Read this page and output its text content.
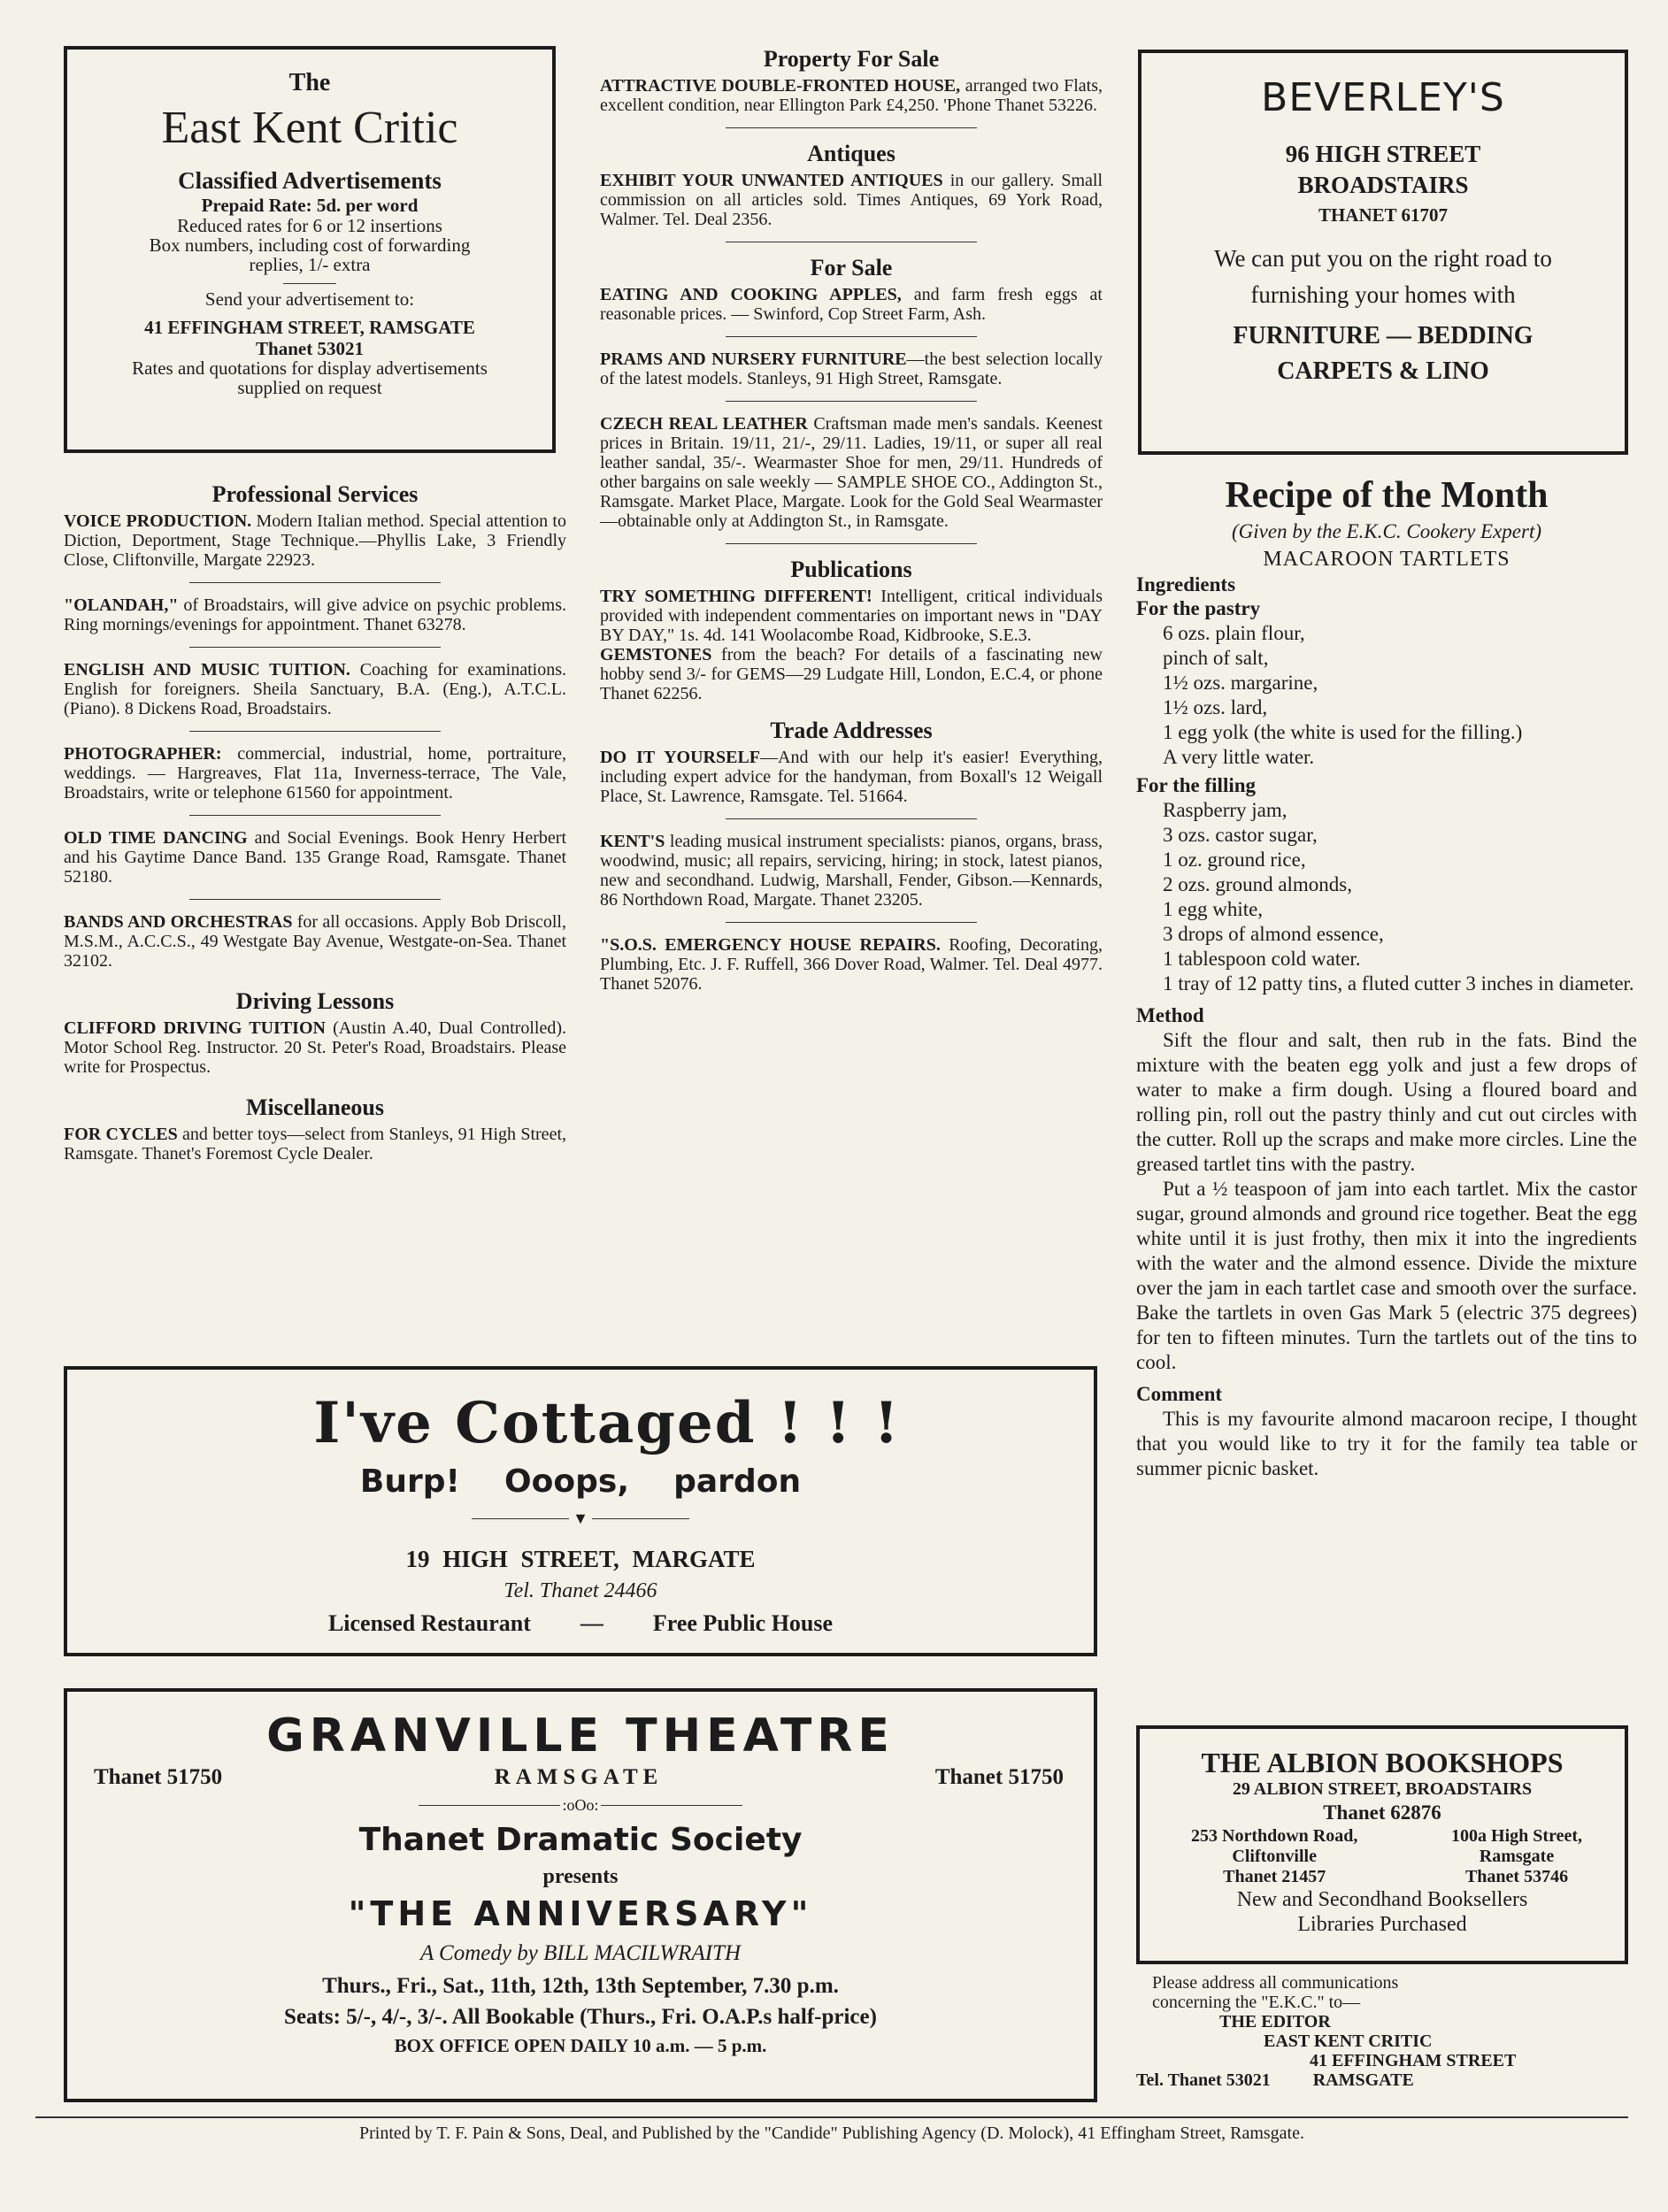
The
East Kent Critic
Classified Advertisements
Prepaid Rate: 5d. per word
Reduced rates for 6 or 12 insertions
Box numbers, including cost of forwarding replies, 1/- extra
Send your advertisement to:
41 EFFINGHAM STREET, RAMSGATE
Thanet 53021
Rates and quotations for display advertisements supplied on request
Professional Services
VOICE PRODUCTION. Modern Italian method. Special attention to Diction, Deportment, Stage Technique.—Phyllis Lake, 3 Friendly Close, Cliftonville, Margate 22923.
"OLANDAH," of Broadstairs, will give advice on psychic problems. Ring mornings/evenings for appointment. Thanet 63278.
ENGLISH AND MUSIC TUITION. Coaching for examinations. English for foreigners. Sheila Sanctuary, B.A. (Eng.), A.T.C.L. (Piano). 8 Dickens Road, Broadstairs.
PHOTOGRAPHER: commercial, industrial, home, portraiture, weddings. — Hargreaves, Flat 11a, Inverness-terrace, The Vale, Broadstairs, write or telephone 61560 for appointment.
OLD TIME DANCING and Social Evenings. Book Henry Herbert and his Gaytime Dance Band. 135 Grange Road, Ramsgate. Thanet 52180.
BANDS AND ORCHESTRAS for all occasions. Apply Bob Driscoll, M.S.M., A.C.C.S., 49 Westgate Bay Avenue, Westgate-on-Sea. Thanet 32102.
Driving Lessons
CLIFFORD DRIVING TUITION (Austin A.40, Dual Controlled). Motor School Reg. Instructor. 20 St. Peter's Road, Broadstairs. Please write for Prospectus.
Miscellaneous
FOR CYCLES and better toys—select from Stanleys, 91 High Street, Ramsgate. Thanet's Foremost Cycle Dealer.
Property For Sale
ATTRACTIVE DOUBLE-FRONTED HOUSE, arranged two Flats, excellent condition, near Ellington Park £4,250. 'Phone Thanet 53226.
Antiques
EXHIBIT YOUR UNWANTED ANTIQUES in our gallery. Small commission on all articles sold. Times Antiques, 69 York Road, Walmer. Tel. Deal 2356.
For Sale
EATING AND COOKING APPLES, and farm fresh eggs at reasonable prices. — Swinford, Cop Street Farm, Ash.
PRAMS AND NURSERY FURNITURE—the best selection locally of the latest models. Stanleys, 91 High Street, Ramsgate.
CZECH REAL LEATHER Craftsman made men's sandals. Keenest prices in Britain. 19/11, 21/-, 29/11. Ladies, 19/11, or super all real leather sandal, 35/-. Wearmaster Shoe for men, 29/11. Hundreds of other bargains on sale weekly — SAMPLE SHOE CO., Addington St., Ramsgate. Market Place, Margate. Look for the Gold Seal Wearmaster—obtainable only at Addington St., in Ramsgate.
Publications
TRY SOMETHING DIFFERENT! Intelligent, critical individuals provided with independent commentaries on important news in "DAY BY DAY," 1s. 4d. 141 Woolacombe Road, Kidbrooke, S.E.3.
GEMSTONES from the beach? For details of a fascinating new hobby send 3/- for GEMS—29 Ludgate Hill, London, E.C.4, or phone Thanet 62256.
Trade Addresses
DO IT YOURSELF—And with our help it's easier! Everything, including expert advice for the handyman, from Boxall's 12 Weigall Place, St. Lawrence, Ramsgate. Tel. 51664.
KENT'S leading musical instrument specialists: pianos, organs, brass, woodwind, music; all repairs, servicing, hiring; in stock, latest pianos, new and secondhand. Ludwig, Marshall, Fender, Gibson.—Kennards, 86 Northdown Road, Margate. Thanet 23205.
"S.O.S. EMERGENCY HOUSE REPAIRS. Roofing, Decorating, Plumbing, Etc. J. F. Ruffell, 366 Dover Road, Walmer. Tel. Deal 4977. Thanet 52076.
BEVERLEY'S
96 HIGH STREET
BROADSTAIRS
THANET 61707
We can put you on the right road to furnishing your homes with
FURNITURE — BEDDING
CARPETS & LINO
Recipe of the Month
(Given by the E.K.C. Cookery Expert)
MACAROON TARTLETS
Ingredients
For the pastry
6 ozs. plain flour,
pinch of salt,
1½ ozs. margarine,
1½ ozs. lard,
1 egg yolk (the white is used for the filling.)
A very little water.
For the filling
Raspberry jam,
3 ozs. castor sugar,
1 oz. ground rice,
2 ozs. ground almonds,
1 egg white,
3 drops of almond essence,
1 tablespoon cold water.
1 tray of 12 patty tins, a fluted cutter 3 inches in diameter.
Method

Sift the flour and salt, then rub in the fats. Bind the mixture with the beaten egg yolk and just a few drops of water to make a firm dough. Using a floured board and rolling pin, roll out the pastry thinly and cut out circles with the cutter. Roll up the scraps and make more circles. Line the greased tartlet tins with the pastry.

Put a ½ teaspoon of jam into each tartlet. Mix the castor sugar, ground almonds and ground rice together. Beat the egg white until it is just frothy, then mix it into the ingredients with the water and the almond essence. Divide the mixture over the jam in each tartlet case and smooth over the surface. Bake the tartlets in oven Gas Mark 5 (electric 375 degrees) for ten to fifteen minutes. Turn the tartlets out of the tins to cool.

Comment

This is my favourite almond macaroon recipe, I thought that you would like to try it for the family tea table or summer picnic basket.

THE ALBION BOOKSHOPS
29 ALBION STREET, BROADSTAIRS
Thanet 62876
253 Northdown Road,
Cliftonville
Thanet 21457
100a High Street,
Ramsgate
Thanet 53746
New and Secondhand Booksellers
Libraries Purchased
Please address all communications
concerning the "E.K.C." to—
THE EDITOR
EAST KENT CRITIC
41 EFFINGHAM STREET
Tel. Thanet 53021 RAMSGATE
I've Cottaged ! ! !
Burp!    Ooops,    pardon
▼
19 HIGH STREET, MARGATE
Tel. Thanet 24466
Licensed Restaurant — Free Public House
GRANVILLE THEATRE
Thanet 51750	RAMSGATE	Thanet 51750
:oOo:
Thanet Dramatic Society
presents
"THE ANNIVERSARY"
A Comedy by BILL MACILWRAITH
Thurs., Fri., Sat., 11th, 12th, 13th September, 7.30 p.m.
Seats: 5/-, 4/-, 3/-. All Bookable (Thurs., Fri. O.A.P.s half-price)
BOX OFFICE OPEN DAILY 10 a.m. — 5 p.m.
Printed by T. F. Pain & Sons, Deal, and Published by the "Candide" Publishing Agency (D. Molock), 41 Effingham Street, Ramsgate.
